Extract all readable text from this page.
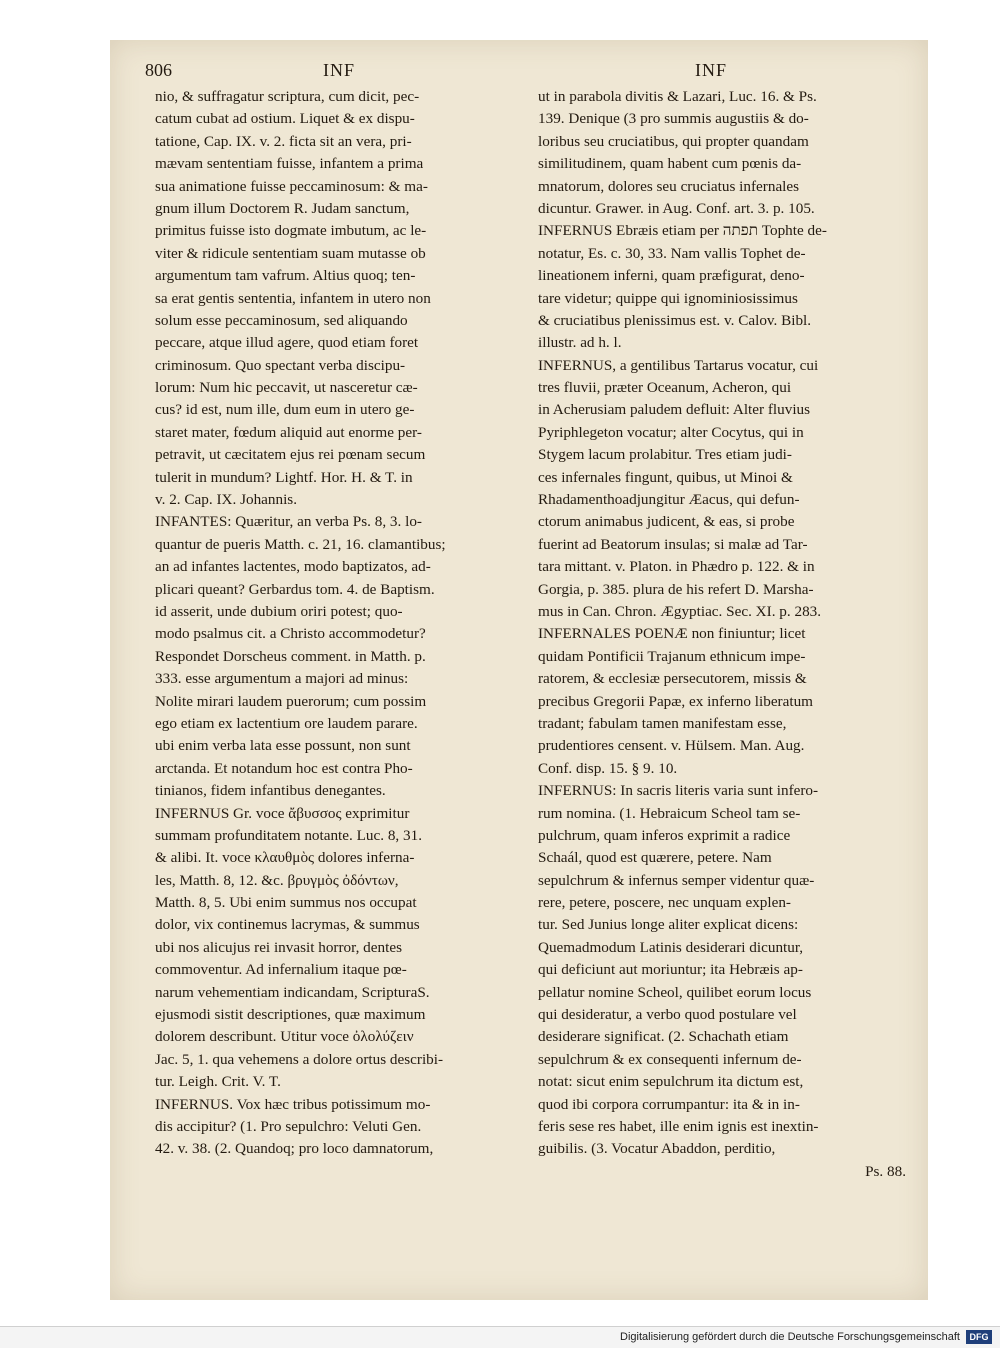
806	INF	INF
nio, & suffragatur scriptura, cum dicit, pec-
catum cubat ad ostium. Liquet & ex dispu-
tatione, Cap. IX. v. 2. ficta sit an vera, pri-
mævam sententiam fuisse, infantem a prima
sua animatione fuisse peccaminosum: & ma-
gnum illum Doctorem R. Judam sanctum,
primitus fuisse isto dogmate imbutum, ac le-
viter & ridicule sententiam suam mutasse ob
argumentum tam vafrum. Altius quoq; ten-
sa erat gentis sententia, infantem in utero non
solum esse peccaminosum, sed aliquando
peccare, atque illud agere, quod etiam foret
criminosum. Quo spectant verba discipu-
lorum: Num hic peccavit, ut nasceretur cæ-
cus? id est, num ille, dum eum in utero ge-
staret mater, fœdum aliquid aut enorme per-
petravit, ut cæcitatem ejus rei pœnam secum
tulerit in mundum? Lightf. Hor. H. & T. in
v. 2. Cap. IX. Johannis.
INFANTES: Quæritur, an verba Ps. 8, 3. lo-
quantur de pueris Matth. c. 21, 16. clamantibus;
an ad infantes lactentes, modo baptizatos, ad-
plicari queant? Gerbardus tom. 4. de Baptism.
id asserit, unde dubium oriri potest; quo-
modo psalmus cit. a Christo accommodetur?
Respondet Dorscheus comment. in Matth. p.
333. esse argumentum a majori ad minus:
Nolite mirari laudem puerorum; cum possim
ego etiam ex lactentium ore laudem parare.
ubi enim verba lata esse possunt, non sunt
arctanda. Et notandum hoc est contra Pho-
tinianos, fidem infantibus denegantes.
INFERNUS Gr. voce ἄβυσσος exprimitur
summam profunditatem notante. Luc. 8, 31.
& alibi. It. voce κλαυθμὸς dolores inferna-
les, Matth. 8, 12. &c. βρυγμὸς ὀδόντων,
Matth. 8, 5. Ubi enim summus nos occupat
dolor, vix continemus lacrymas, & summus
ubi nos alicujus rei invasit horror, dentes
commoventur. Ad infernalium itaque pœ-
narum vehementiam indicandam, ScripturaS.
ejusmodi sistit descriptiones, quæ maximum
dolorem describunt. Utitur voce ὀλολύζειν
Jac. 5, 1. qua vehemens a dolore ortus describi-
tur. Leigh. Crit. V. T.
INFERNUS. Vox hæc tribus potissimum mo-
dis accipitur? (1. Pro sepulchro: Veluti Gen.
42. v. 38. (2. Quandoq; pro loco damnatorum,
ut in parabola divitis & Lazari, Luc. 16. & Ps.
139. Denique (3 pro summis augustiis & do-
loribus seu cruciatibus, qui propter quandam
similitudinem, quam habent cum pœnis da-
mnatorum, dolores seu cruciatus infernales
dicuntur. Grawer. in Aug. Conf. art. 3. p. 105.
INFERNUS Ebræis etiam per תפתה Tophte de-
notatur, Es. c. 30, 33. Nam vallis Tophet de-
lineationem inferni, quam præfigurat, deno-
tare videtur; quippe qui ignominiosissimus
& cruciatibus plenissimus est. v. Calov. Bibl.
illustr. ad h. l.
INFERNUS, a gentilibus Tartarus vocatur, cui
tres fluvii, præter Oceanum, Acheron, qui
in Acherusiam paludem defluit: Alter fluvius
Pyriphlegeton vocatur; alter Cocytus, qui in
Stygem lacum prolabitur. Tres etiam judi-
ces infernales fingunt, quibus, ut Minoi &
Rhadamenthoadjungitur Æacus, qui defun-
ctorum animabus judicent, & eas, si probe
fuerint ad Beatorum insulas; si malæ ad Tar-
tara mittant. v. Platon. in Phædro p. 122. & in
Gorgia, p. 385. plura de his refert D. Marsha-
mus in Can. Chron. Ægyptiac. Sec. XI. p. 283.
INFERNALES POENÆ non finiuntur; licet
quidam Pontificii Trajanum ethnicum impe-
ratorem, & ecclesiæ persecutorem, missis &
precibus Gregorii Papæ, ex inferno liberatum
tradant; fabulam tamen manifestam esse,
prudentiores censent. v. Hülsem. Man. Aug.
Conf. disp. 15. § 9. 10.
INFERNUS: In sacris literis varia sunt infero-
rum nomina. (1. Hebraicum Scheol tam se-
pulchrum, quam inferos exprimit a radice
Schaál, quod est quærere, petere. Nam
sepulchrum & infernus semper videntur quæ-
rere, petere, poscere, nec unquam explen-
tur. Sed Junius longe aliter explicat dicens:
Quemadmodum Latinis desiderari dicuntur,
qui deficiunt aut moriuntur; ita Hebræis ap-
pellatur nomine Scheol, quilibet eorum locus
qui desideratur, a verbo quod postulare vel
desiderare significat. (2. Schachath etiam
sepulchrum & ex consequenti infernum de-
notat: sicut enim sepulchrum ita dictum est,
quod ibi corpora corrumpantur: ita & in in-
feris sese res habet, ille enim ignis est inextin-
guibilis. (3. Vocatur Abaddon, perditio,
Ps. 88.
Digitalisierung gefördert durch die Deutsche Forschungsgemeinschaft	DFG
